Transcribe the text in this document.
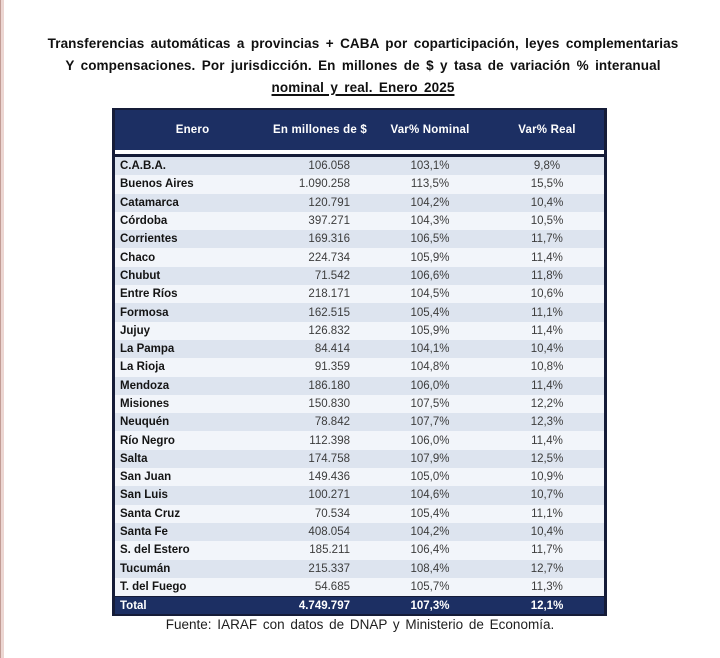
Transferencias automáticas a provincias + CABA por coparticipación, leyes complementarias
Y compensaciones. Por jurisdicción. En millones de $ y tasa de variación % interanual
nominal y real. Enero 2025
Enero	En millones de $	Var% Nominal	Var% Real
C.A.B.A.	106.058	103,1%	9,8%
Buenos Aires	1.090.258	113,5%	15,5%
Catamarca	120.791	104,2%	10,4%
Córdoba	397.271	104,3%	10,5%
Corrientes	169.316	106,5%	11,7%
Chaco	224.734	105,9%	11,4%
Chubut	71.542	106,6%	11,8%
Entre Ríos	218.171	104,5%	10,6%
Formosa	162.515	105,4%	11,1%
Jujuy	126.832	105,9%	11,4%
La Pampa	84.414	104,1%	10,4%
La Rioja	91.359	104,8%	10,8%
Mendoza	186.180	106,0%	11,4%
Misiones	150.830	107,5%	12,2%
Neuquén	78.842	107,7%	12,3%
Río Negro	112.398	106,0%	11,4%
Salta	174.758	107,9%	12,5%
San Juan	149.436	105,0%	10,9%
San Luis	100.271	104,6%	10,7%
Santa Cruz	70.534	105,4%	11,1%
Santa Fe	408.054	104,2%	10,4%
S. del Estero	185.211	106,4%	11,7%
Tucumán	215.337	108,4%	12,7%
T. del Fuego	54.685	105,7%	11,3%
Total	4.749.797	107,3%	12,1%
Fuente: IARAF con datos de DNAP y Ministerio de Economía.
